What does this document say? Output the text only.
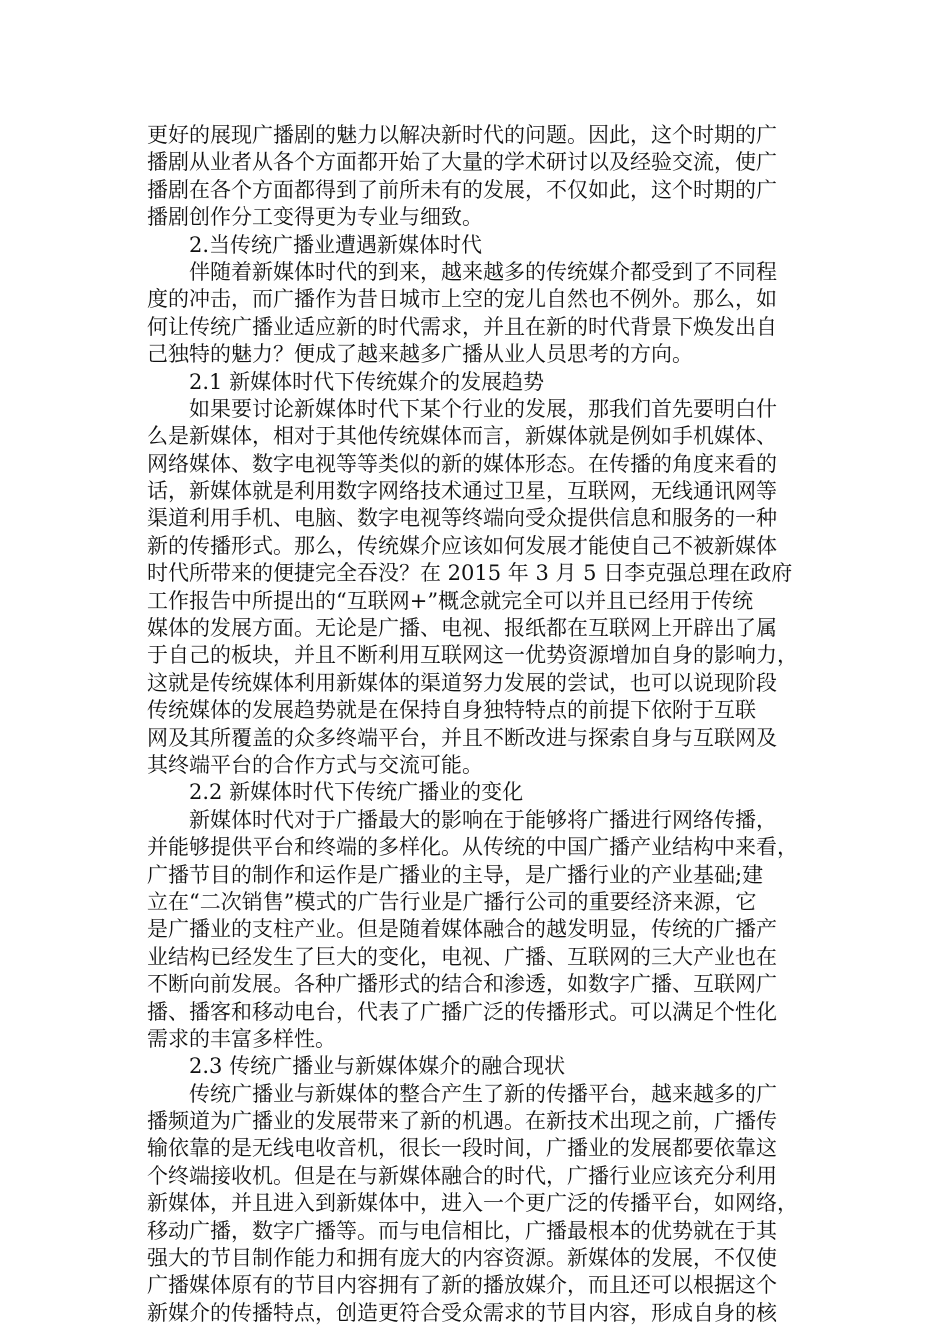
更好的展现广播剧的魅力以解决新时代的问题。因此，这个时期的广
播剧从业者从各个方面都开始了大量的学术研讨以及经验交流，使广
播剧在各个方面都得到了前所未有的发展，不仅如此，这个时期的广
播剧创作分工变得更为专业与细致。
2.当传统广播业遭遇新媒体时代
伴随着新媒体时代的到来，越来越多的传统媒介都受到了不同程
度的冲击，而广播作为昔日城市上空的宠儿自然也不例外。那么，如
何让传统广播业适应新的时代需求，并且在新的时代背景下焕发出自
己独特的魅力？便成了越来越多广播从业人员思考的方向。
2.1 新媒体时代下传统媒介的发展趋势
如果要讨论新媒体时代下某个行业的发展，那我们首先要明白什
么是新媒体，相对于其他传统媒体而言，新媒体就是例如手机媒体、
网络媒体、数字电视等等类似的新的媒体形态。在传播的角度来看的
话，新媒体就是利用数字网络技术通过卫星，互联网，无线通讯网等
渠道利用手机、电脑、数字电视等终端向受众提供信息和服务的一种
新的传播形式。那么，传统媒介应该如何发展才能使自己不被新媒体
时代所带来的便捷完全吞没？在 2015 年 3 月 5 日李克强总理在政府
工作报告中所提出的“互联网+”概念就完全可以并且已经用于传统
媒体的发展方面。无论是广播、电视、报纸都在互联网上开辟出了属
于自己的板块，并且不断利用互联网这一优势资源增加自身的影响力，
这就是传统媒体利用新媒体的渠道努力发展的尝试，也可以说现阶段
传统媒体的发展趋势就是在保持自身独特特点的前提下依附于互联
网及其所覆盖的众多终端平台，并且不断改进与探索自身与互联网及
其终端平台的合作方式与交流可能。
2.2 新媒体时代下传统广播业的变化
新媒体时代对于广播最大的影响在于能够将广播进行网络传播，
并能够提供平台和终端的多样化。从传统的中国广播产业结构中来看，
广播节目的制作和运作是广播业的主导，是广播行业的产业基础;建
立在“二次销售”模式的广告行业是广播行公司的重要经济来源，它
是广播业的支柱产业。但是随着媒体融合的越发明显，传统的广播产
业结构已经发生了巨大的变化，电视、广播、互联网的三大产业也在
不断向前发展。各种广播形式的结合和渗透，如数字广播、互联网广
播、播客和移动电台，代表了广播广泛的传播形式。可以满足个性化
需求的丰富多样性。
2.3 传统广播业与新媒体媒介的融合现状
传统广播业与新媒体的整合产生了新的传播平台，越来越多的广
播频道为广播业的发展带来了新的机遇。在新技术出现之前，广播传
输依靠的是无线电收音机，很长一段时间，广播业的发展都要依靠这
个终端接收机。但是在与新媒体融合的时代，广播行业应该充分利用
新媒体，并且进入到新媒体中，进入一个更广泛的传播平台，如网络，
移动广播，数字广播等。而与电信相比，广播最根本的优势就在于其
强大的节目制作能力和拥有庞大的内容资源。新媒体的发展，不仅使
广播媒体原有的节目内容拥有了新的播放媒介，而且还可以根据这个
新媒介的传播特点，创造更符合受众需求的节目内容，形成自身的核
